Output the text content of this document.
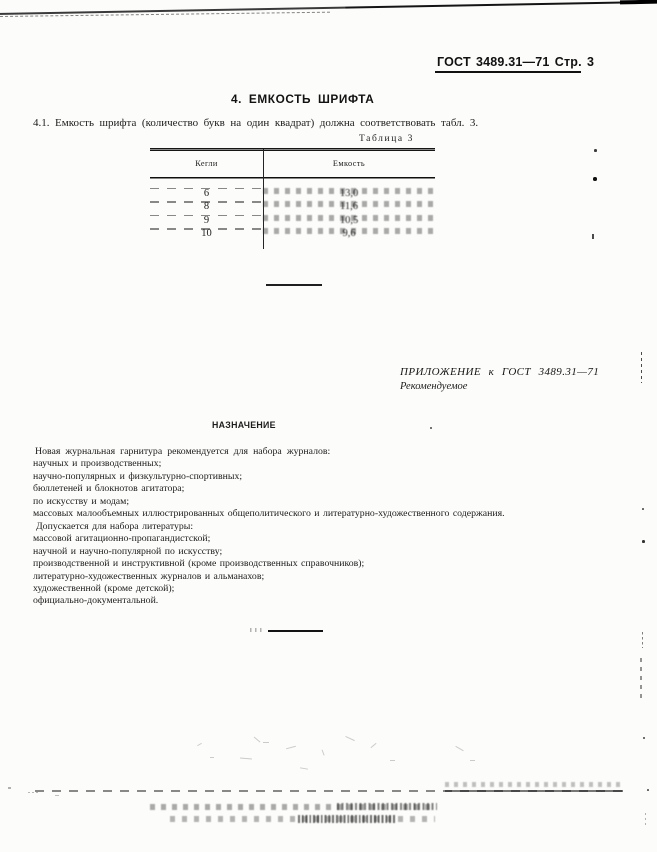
ГОСТ 3489.31—71 Стр. 3
4. ЕМКОСТЬ ШРИФТА
4.1. Емкость шрифта (количество букв на один квадрат) должна соответствовать табл. 3.
Таблица 3
Кегли	Емкость
6	13,0
8	11,6
9	10,5
10	9,6
ПРИЛОЖЕНИЕ к ГОСТ 3489.31—71
Рекомендуемое
НАЗНАЧЕНИЕ
Новая журнальная гарнитура рекомендуется для набора журналов:
научных и производственных;
научно-популярных и физкультурно-спортивных;
бюллетеней и блокнотов агитатора;
по искусству и модам;
массовых малообъемных иллюстрированных общеполитического и литературно-художественного содержания.
Допускается для набора литературы:
массовой агитационно-пропагандистской;
научной и научно-популярной по искусству;
производственной и инструктивной (кроме производственных справочников);
литературно-художественных журналов и альманахов;
художественной (кроме детской);
официально-документальной.
